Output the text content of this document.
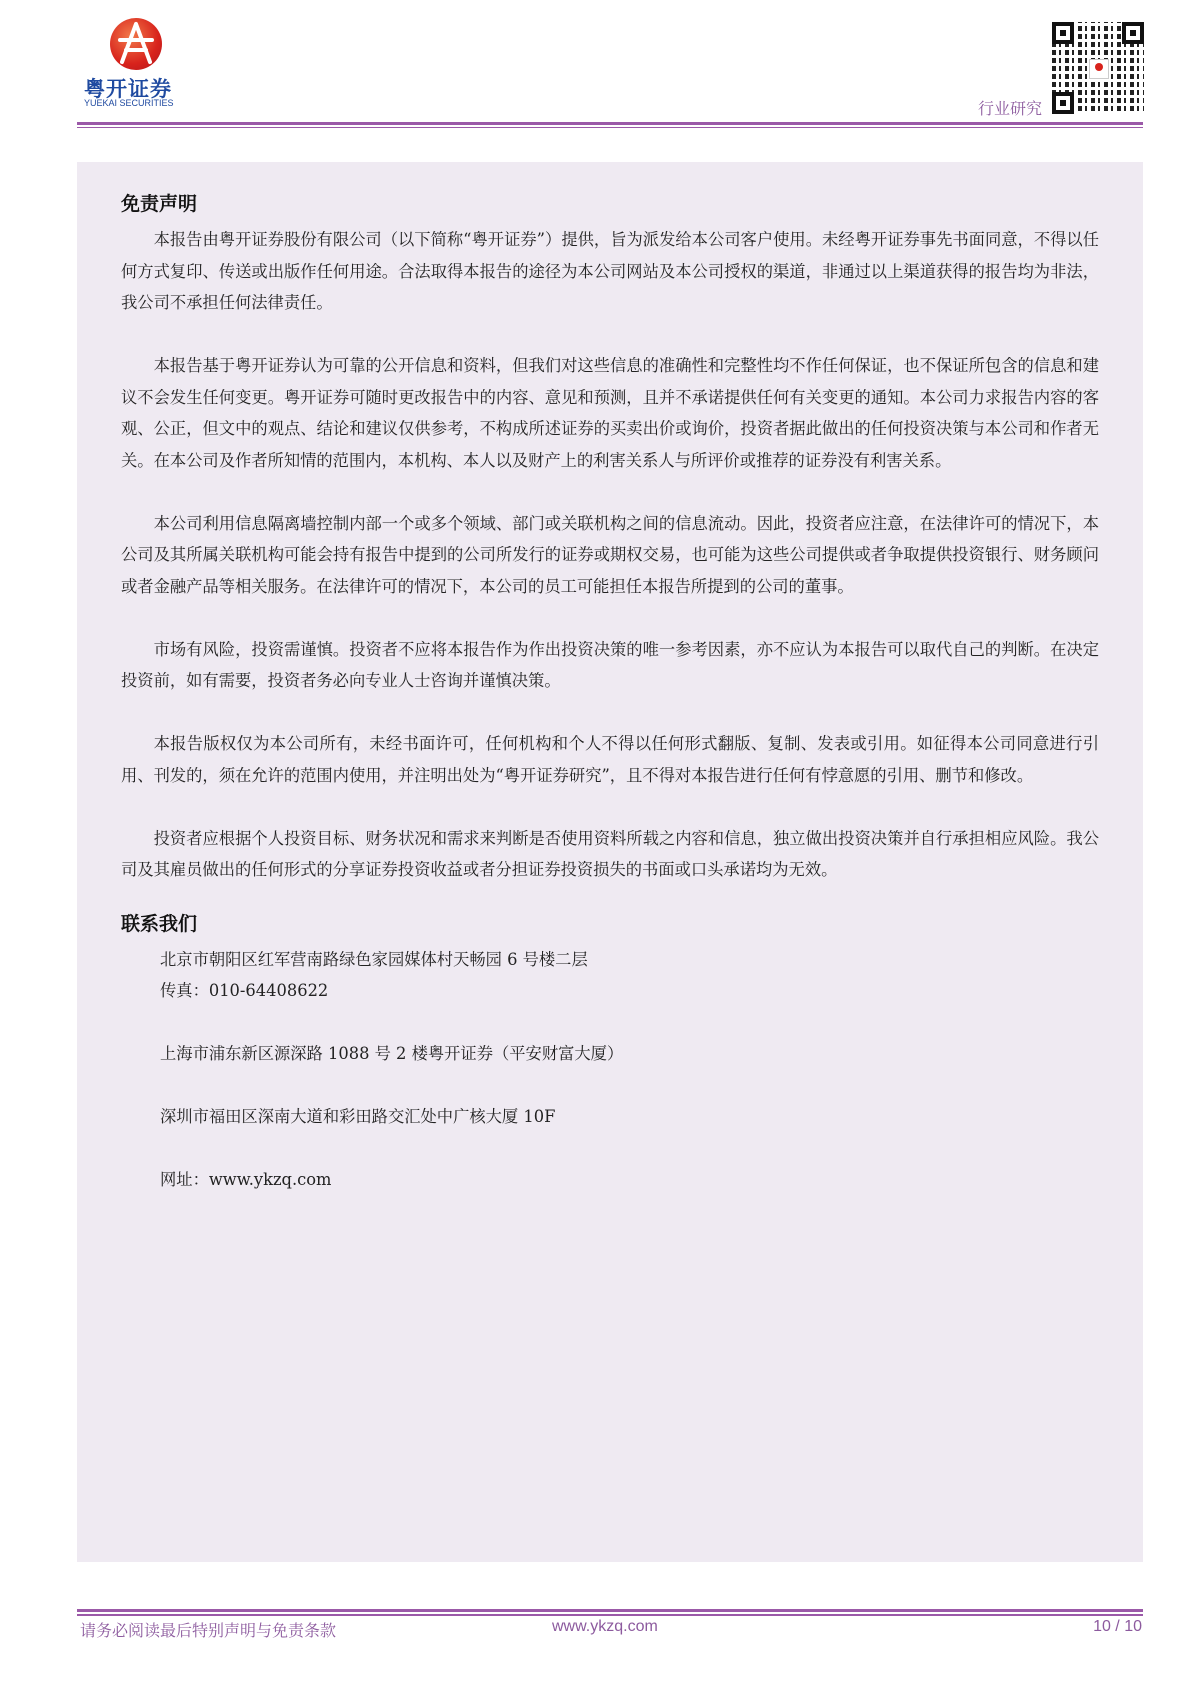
粤开证券
YUEKAI SECURITIES	行业研究
免责声明

本报告由粤开证券股份有限公司（以下简称“粤开证券”）提供，旨为派发给本公司客户使用。未经粤开证券事先书面同意，不得以任何方式复印、传送或出版作任何用途。合法取得本报告的途径为本公司网站及本公司授权的渠道，非通过以上渠道获得的报告均为非法，我公司不承担任何法律责任。

本报告基于粤开证券认为可靠的公开信息和资料，但我们对这些信息的准确性和完整性均不作任何保证，也不保证所包含的信息和建议不会发生任何变更。粤开证券可随时更改报告中的内容、意见和预测，且并不承诺提供任何有关变更的通知。本公司力求报告内容的客观、公正，但文中的观点、结论和建议仅供参考，不构成所述证券的买卖出价或询价，投资者据此做出的任何投资决策与本公司和作者无关。在本公司及作者所知情的范围内，本机构、本人以及财产上的利害关系人与所评价或推荐的证券没有利害关系。

本公司利用信息隔离墙控制内部一个或多个领域、部门或关联机构之间的信息流动。因此，投资者应注意，在法律许可的情况下，本公司及其所属关联机构可能会持有报告中提到的公司所发行的证券或期权交易，也可能为这些公司提供或者争取提供投资银行、财务顾问或者金融产品等相关服务。在法律许可的情况下，本公司的员工可能担任本报告所提到的公司的董事。

市场有风险，投资需谨慎。投资者不应将本报告作为作出投资决策的唯一参考因素，亦不应认为本报告可以取代自己的判断。在决定投资前，如有需要，投资者务必向专业人士咨询并谨慎决策。

本报告版权仅为本公司所有，未经书面许可，任何机构和个人不得以任何形式翻版、复制、发表或引用。如征得本公司同意进行引用、刊发的，须在允许的范围内使用，并注明出处为“粤开证券研究”，且不得对本报告进行任何有悖意愿的引用、删节和修改。

投资者应根据个人投资目标、财务状况和需求来判断是否使用资料所载之内容和信息，独立做出投资决策并自行承担相应风险。我公司及其雇员做出的任何形式的分享证券投资收益或者分担证券投资损失的书面或口头承诺均为无效。

联系我们
北京市朝阳区红军营南路绿色家园媒体村天畅园 6 号楼二层
传真：010-64408622
上海市浦东新区源深路 1088 号 2 楼粤开证券（平安财富大厦）
深圳市福田区深南大道和彩田路交汇处中广核大厦 10F
网址：www.ykzq.com
请务必阅读最后特别声明与免责条款	www.ykzq.com	10 / 10
